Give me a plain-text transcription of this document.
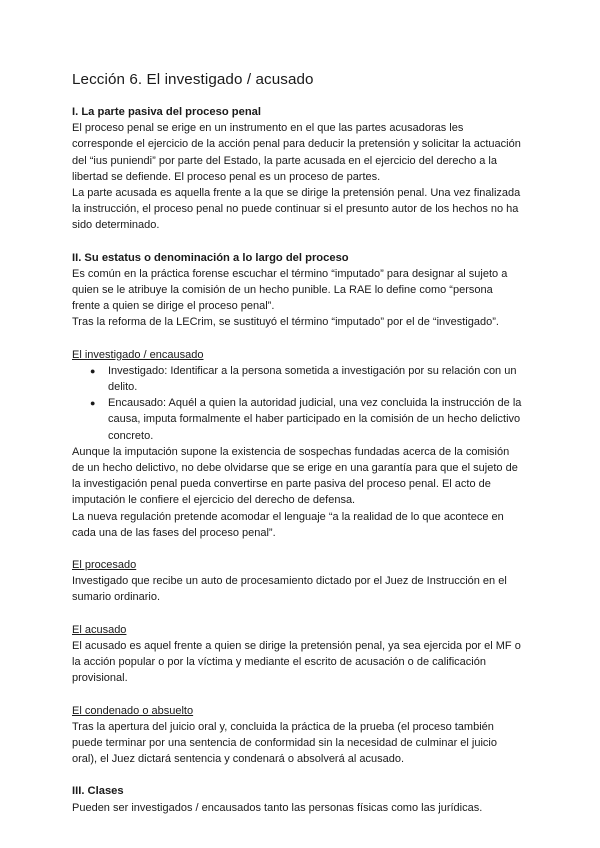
Lección 6. El investigado / acusado
I. La parte pasiva del proceso penal

El proceso penal se erige en un instrumento en el que las partes acusadoras les

corresponde el ejercicio de la acción penal para deducir la pretensión y solicitar la actuación

del “ius puniendi” por parte del Estado, la parte acusada en el ejercicio del derecho a la

libertad se defiende. El proceso penal es un proceso de partes.

La parte acusada es aquella frente a la que se dirige la pretensión penal. Una vez finalizada

la instrucción, el proceso penal no puede continuar si el presunto autor de los hechos no ha

sido determinado.

II. Su estatus o denominación a lo largo del proceso

Es común en la práctica forense escuchar el término “imputado” para designar al sujeto a

quien se le atribuye la comisión de un hecho punible. La RAE lo define como “persona

frente a quien se dirige el proceso penal”.

Tras la reforma de la LECrim, se sustituyó el término “imputado” por el de “investigado”.

El investigado / encausado
● Investigado: Identificar a la persona sometida a investigación por su relación con un
delito.
● Encausado: Aquél a quien la autoridad judicial, una vez concluida la instrucción de la
causa, imputa formalmente el haber participado en la comisión de un hecho delictivo
concreto.

Aunque la imputación supone la existencia de sospechas fundadas acerca de la comisión

de un hecho delictivo, no debe olvidarse que se erige en una garantía para que el sujeto de

la investigación penal pueda convertirse en parte pasiva del proceso penal. El acto de

imputación le confiere el ejercicio del derecho de defensa.

La nueva regulación pretende acomodar el lenguaje “a la realidad de lo que acontece en

cada una de las fases del proceso penal”.

El procesado

Investigado que recibe un auto de procesamiento dictado por el Juez de Instrucción en el

sumario ordinario.

El acusado

El acusado es aquel frente a quien se dirige la pretensión penal, ya sea ejercida por el MF o

la acción popular o por la víctima y mediante el escrito de acusación o de calificación

provisional.

El condenado o absuelto

Tras la apertura del juicio oral y, concluida la práctica de la prueba (el proceso también

puede terminar por una sentencia de conformidad sin la necesidad de culminar el juicio

oral), el Juez dictará sentencia y condenará o absolverá al acusado.

III. Clases

Pueden ser investigados / encausados tanto las personas físicas como las jurídicas.
